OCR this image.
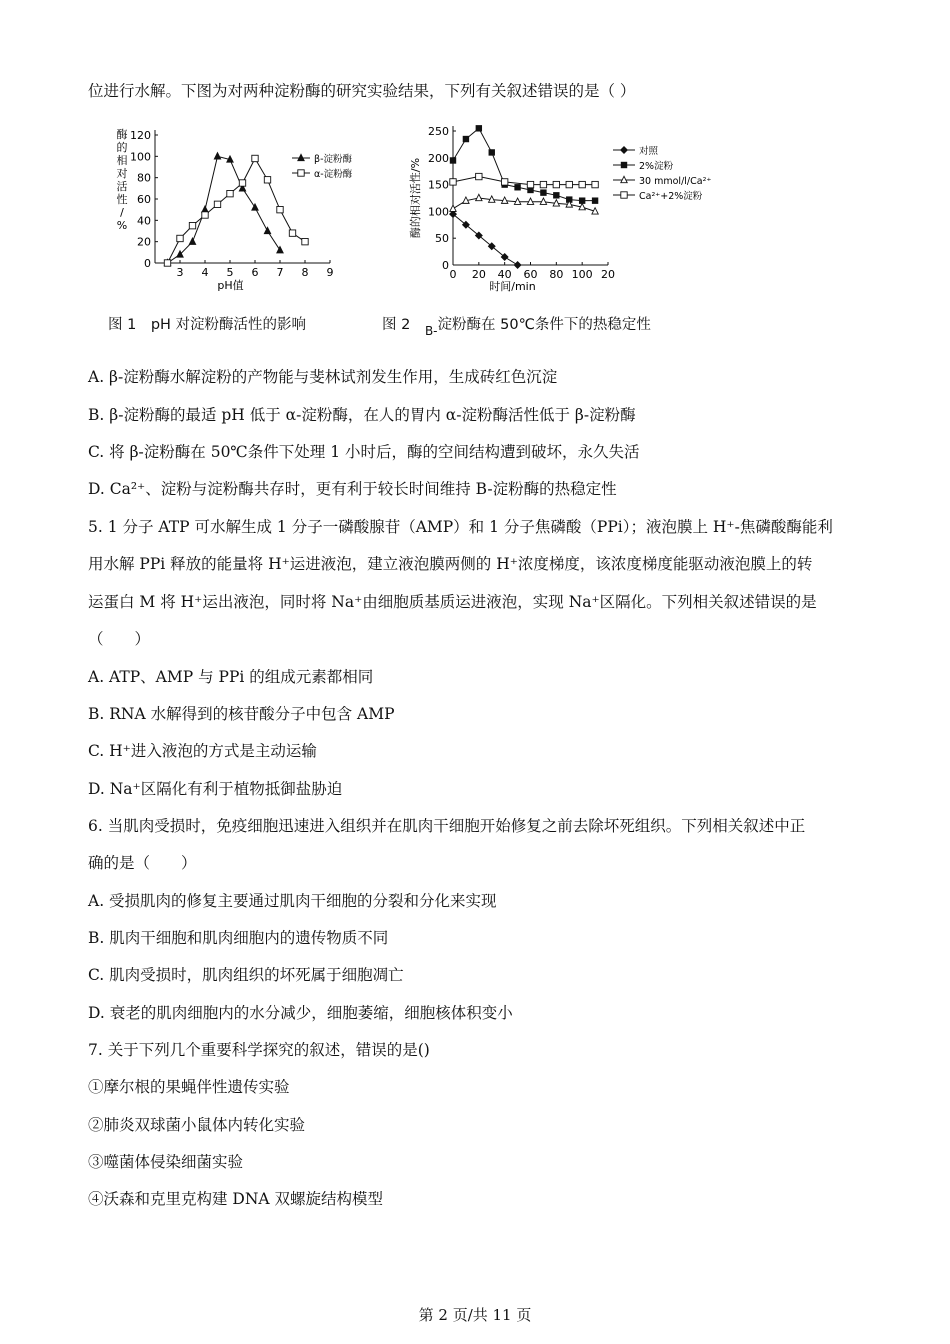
位进行水解。下图为对两种淀粉酶的研究实验结果，下列有关叙述错误的是（ ）
酶的相对活性/ %
0
20
40
60
80
100
120
3 4 5 6 7 8 9
pH值
β-淀粉酶
α-淀粉酶
图 1　pH 对淀粉酶活性的影响
0
50
100
150
200
250
0 20 40 60 80 100 20
时间/min
酶的相对活性/%
对照
2%淀粉
30 mmol/l/Ca²⁺
Ca²⁺+2%淀粉
图 2 $_{B-}$淀粉酶在 50℃条件下的热稳定性
A. β-淀粉酶水解淀粉的产物能与斐林试剂发生作用，生成砖红色沉淀
B. β-淀粉酶的最适 pH 低于 α-淀粉酶，在人的胃内 α-淀粉酶活性低于 β-淀粉酶
C. 将 β-淀粉酶在 50℃条件下处理 1 小时后，酶的空间结构遭到破坏，永久失活
D. Ca²⁺、淀粉与淀粉酶共存时，更有利于较长时间维持 B-淀粉酶的热稳定性
5. 1 分子 ATP 可水解生成 1 分子一磷酸腺苷（AMP）和 1 分子焦磷酸（PPi）；液泡膜上 H⁺-焦磷酸酶能利
用水解 PPi 释放的能量将 H⁺运进液泡，建立液泡膜两侧的 H⁺浓度梯度，该浓度梯度能驱动液泡膜上的转
运蛋白 M 将 H⁺运出液泡，同时将 Na⁺由细胞质基质运进液泡，实现 Na⁺区隔化。下列相关叙述错误的是
（　　）
A. ATP、AMP 与 PPi 的组成元素都相同
B. RNA 水解得到的核苷酸分子中包含 AMP
C. H⁺进入液泡的方式是主动运输
D. Na⁺区隔化有利于植物抵御盐胁迫
6. 当肌肉受损时，免疫细胞迅速进入组织并在肌肉干细胞开始修复之前去除坏死组织。下列相关叙述中正
确的是（　　）
A. 受损肌肉的修复主要通过肌肉干细胞的分裂和分化来实现
B. 肌肉干细胞和肌肉细胞内的遗传物质不同
C. 肌肉受损时，肌肉组织的坏死属于细胞凋亡
D. 衰老的肌肉细胞内的水分减少，细胞萎缩，细胞核体积变小
7. 关于下列几个重要科学探究的叙述，错误的是()
①摩尔根的果蝇伴性遗传实验
②肺炎双球菌小鼠体内转化实验
③噬菌体侵染细菌实验
④沃森和克里克构建 DNA 双螺旋结构模型
第 2 页/共 11 页
